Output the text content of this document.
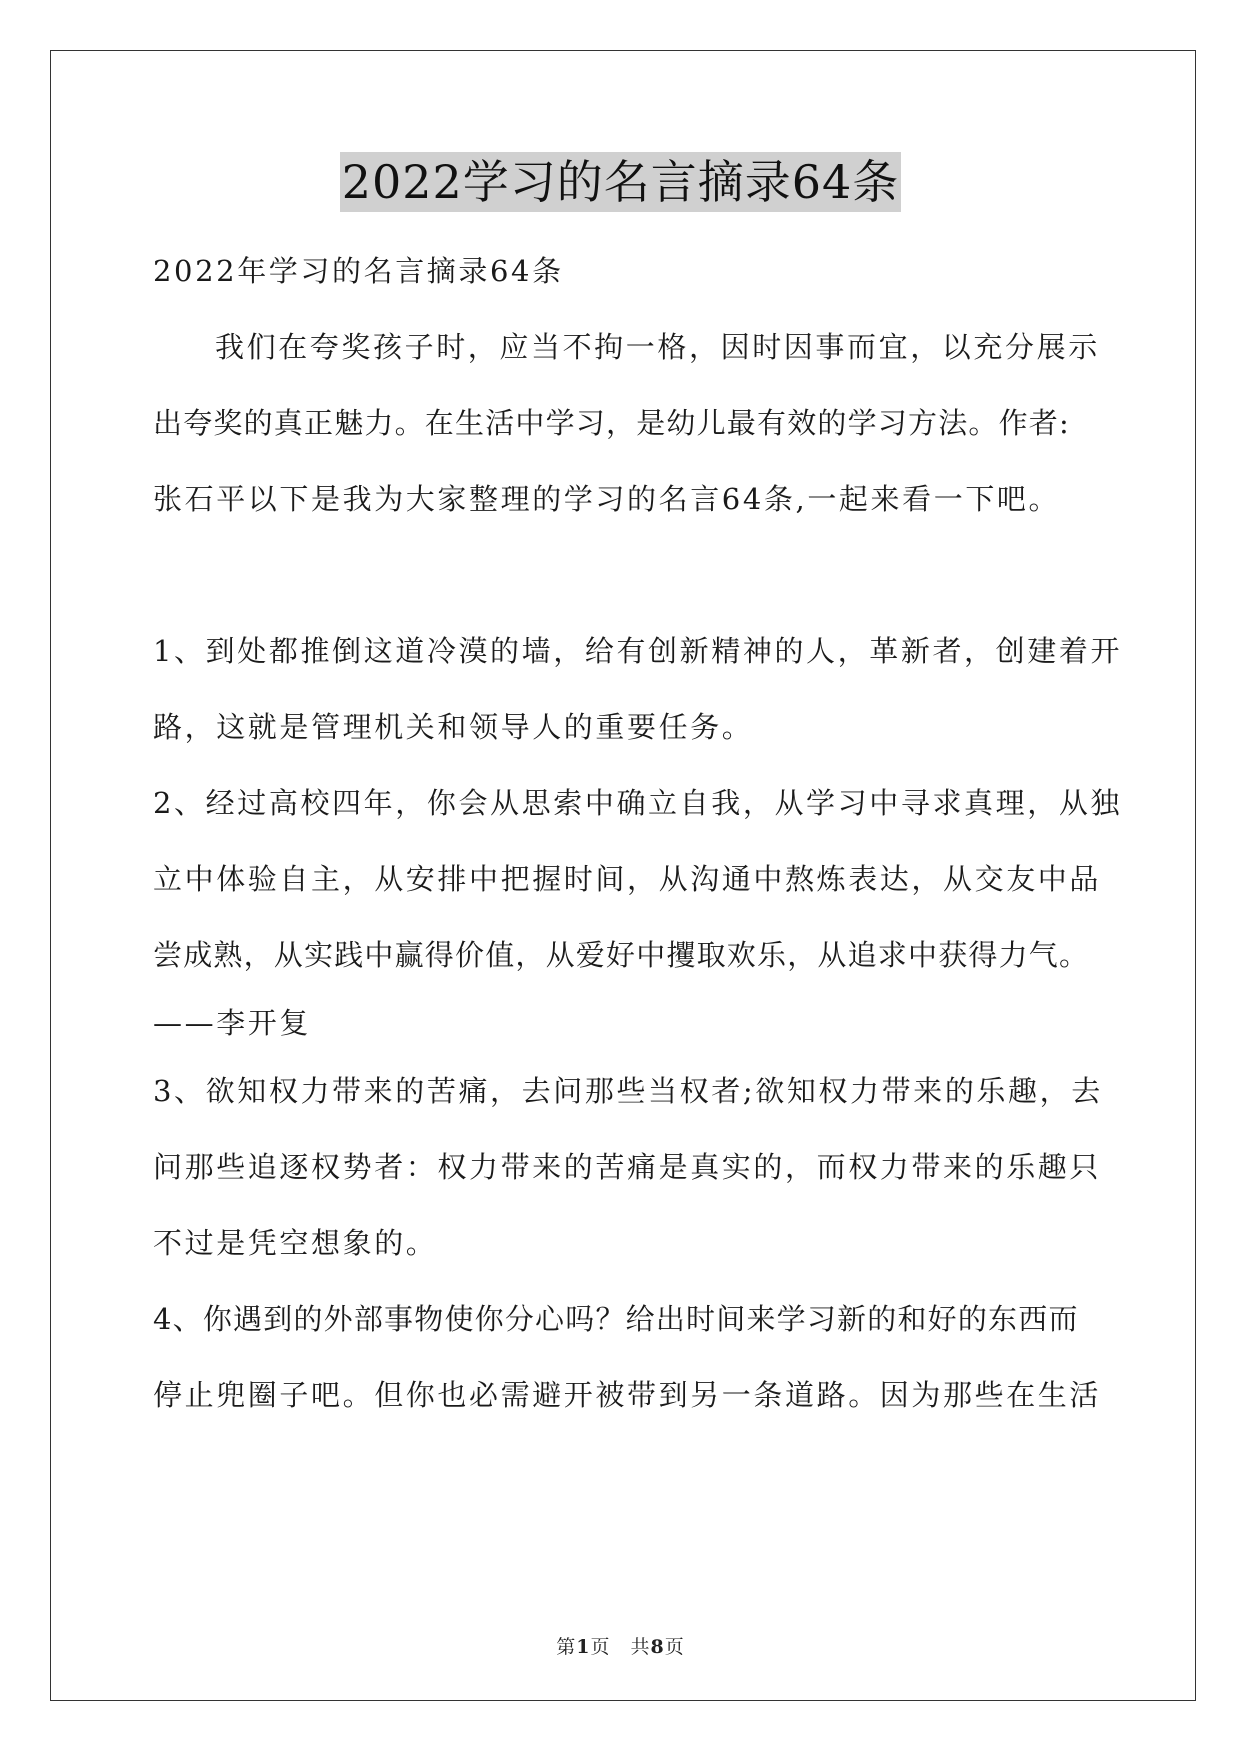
2022学习的名言摘录64条
2022年学习的名言摘录64条
我们在夸奖孩子时，应当不拘一格，因时因事而宜，以充分展示
出夸奖的真正魅力。在生活中学习，是幼儿最有效的学习方法。作者:
张石平以下是我为大家整理的学习的名言64条,一起来看一下吧。
1、到处都推倒这道冷漠的墙，给有创新精神的人，革新者，创建着开
路，这就是管理机关和领导人的重要任务。
2、经过高校四年，你会从思索中确立自我，从学习中寻求真理，从独
立中体验自主，从安排中把握时间，从沟通中熬炼表达，从交友中品
尝成熟，从实践中赢得价值，从爱好中攫取欢乐，从追求中获得力气。
——李开复
3、欲知权力带来的苦痛，去问那些当权者;欲知权力带来的乐趣，去
问那些追逐权势者：权力带来的苦痛是真实的，而权力带来的乐趣只
不过是凭空想象的。
4、你遇到的外部事物使你分心吗？给出时间来学习新的和好的东西而
停止兜圈子吧。但你也必需避开被带到另一条道路。因为那些在生活
第1页　共8页
